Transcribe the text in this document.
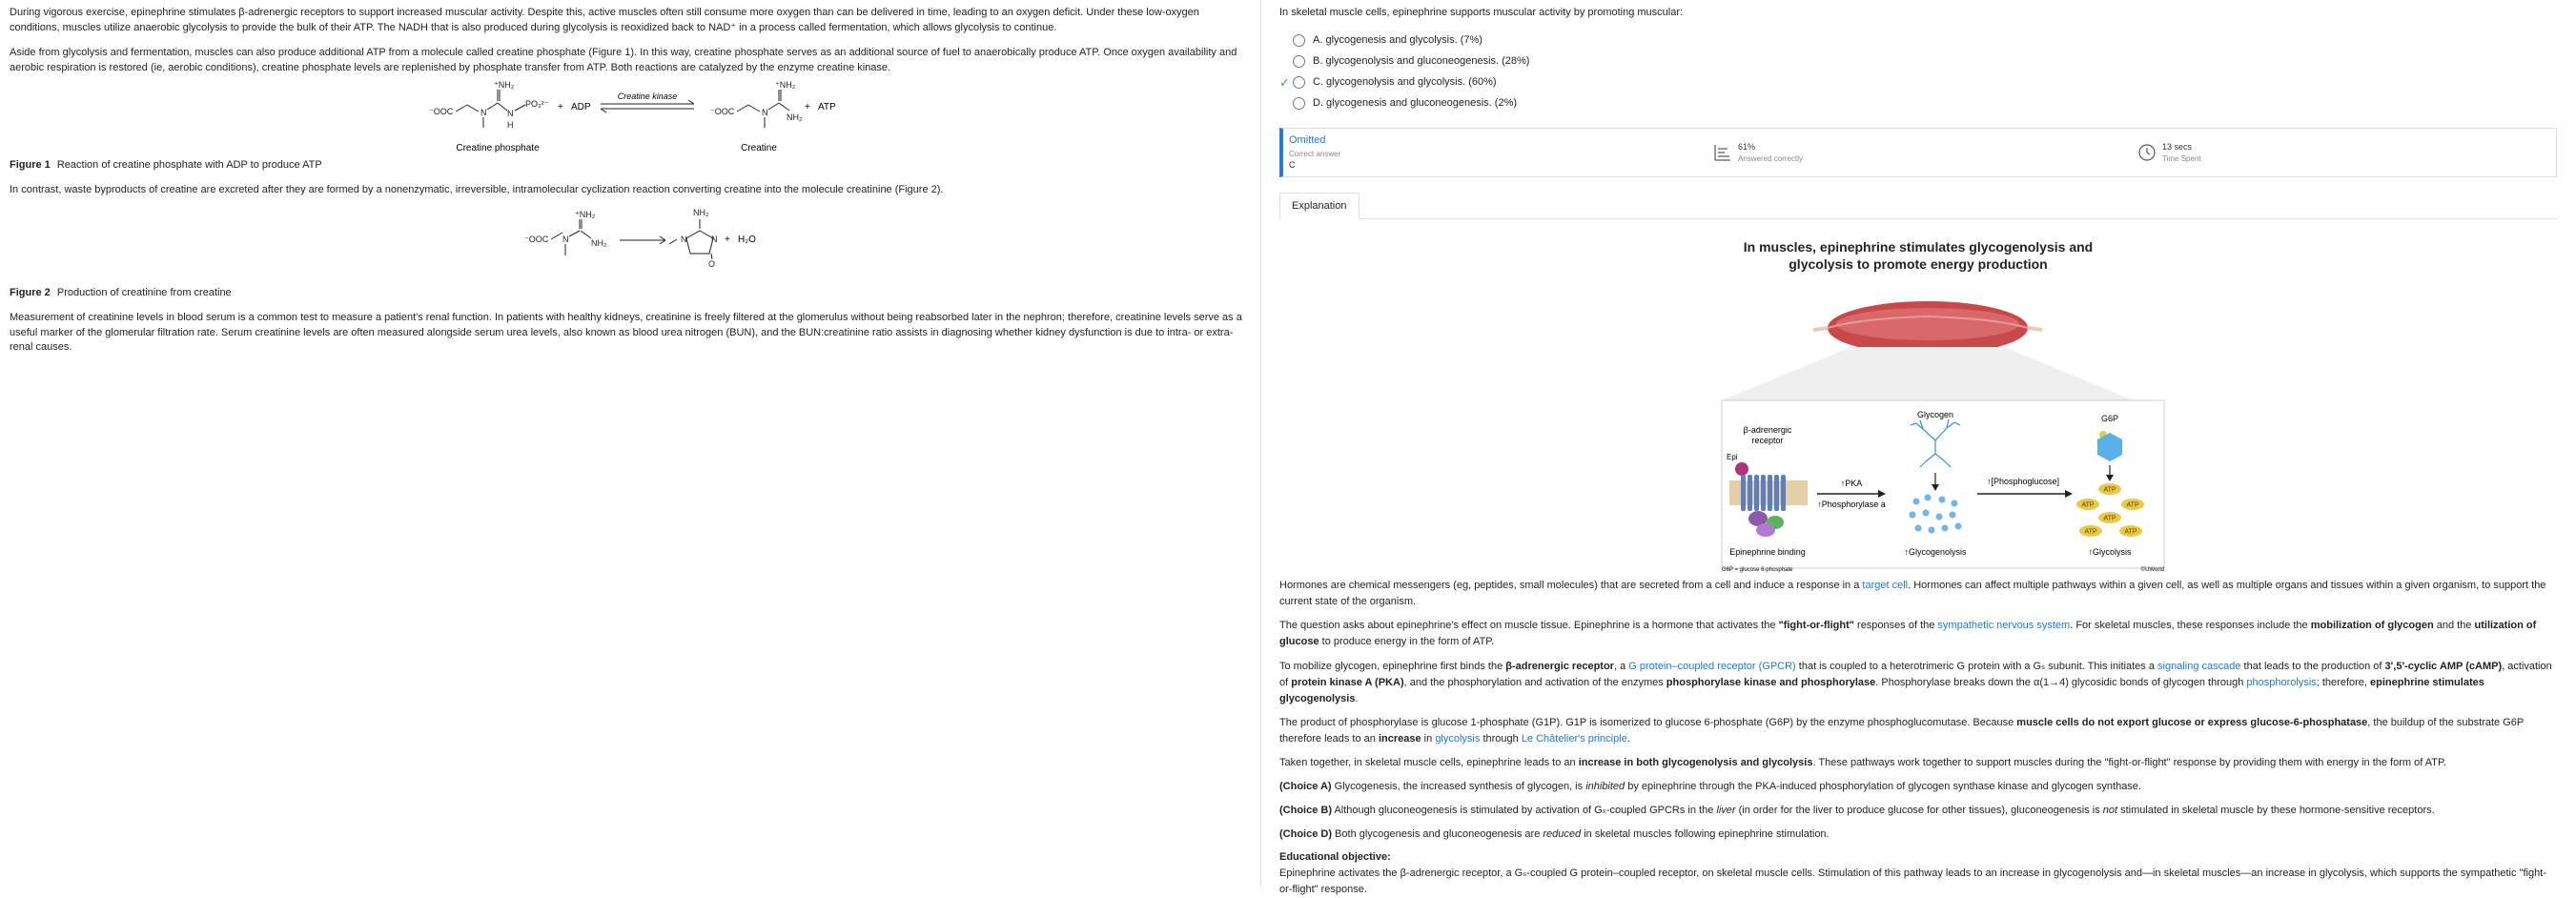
During vigorous exercise, epinephrine stimulates β-adrenergic receptors to support increased muscular activity. Despite this, active muscles often still consume more oxygen than can be delivered in time, leading to an oxygen deficit. Under these low-oxygen conditions, muscles utilize anaerobic glycolysis to provide the bulk of their ATP. The NADH that is also produced during glycolysis is reoxidized back to NAD⁺ in a process called fermentation, which allows glycolysis to continue.

Aside from glycolysis and fermentation, muscles can also produce additional ATP from a molecule called creatine phosphate (Figure 1). In this way, creatine phosphate serves as an additional source of fuel to anaerobically produce ATP. Once oxygen availability and aerobic respiration is restored (ie, aerobic conditions), creatine phosphate levels are replenished by phosphate transfer from ATP. Both reactions are catalyzed by the enzyme creatine kinase.

⁻OOC	N
⁺NH₂
N
H
PO₃²⁻ + ADP
Creatine kinase
⁻OOC	N
⁺NH₂
NH₂
+ ATP
Creatine phosphate	Creatine
Figure 1 Reaction of creatine phosphate with ADP to produce ATP

In contrast, waste byproducts of creatine are excreted after they are formed by a nonenzymatic, irreversible, intramolecular cyclization reaction converting creatine into the molecule creatinine (Figure 2).

⁻OOC N
⁺NH₂
NH₂
NH₂
N	N
O
+ H₂O
Figure 2 Production of creatinine from creatine

Measurement of creatinine levels in blood serum is a common test to measure a patient's renal function. In patients with healthy kidneys, creatinine is freely filtered at the glomerulus without being reabsorbed later in the nephron; therefore, creatinine levels serve as a useful marker of the glomerular filtration rate. Serum creatinine levels are often measured alongside serum urea levels, also known as blood urea nitrogen (BUN), and the BUN:creatinine ratio assists in diagnosing whether kidney dysfunction is due to intra- or extra-renal causes.

In skeletal muscle cells, epinephrine supports muscular activity by promoting muscular:
A. glycogenesis and glycolysis. (7%)
B. glycogenolysis and gluconeogenesis. (28%)
✓ C. glycogenolysis and glycolysis. (60%)
D. glycogenesis and gluconeogenesis. (2%)
Omitted
Correct answer
C
61%
Answered correctly
13 secs
Time Spent
Explanation
In muscles, epinephrine stimulates glycogenolysis and
glycolysis to promote energy production
β-adrenergic
receptor
Epi
↑PKA
↑Phosphorylase a
Glycogen
↑[Phosphoglucose]
G6P
ATP
ATP	ATP
ATP
ATP	ATP
Epinephrine binding	↑Glycogenolysis	↑Glycolysis
G6P = glucose 6-phosphate	©UWorld

Hormones are chemical messengers (eg, peptides, small molecules) that are secreted from a cell and induce a response in a target cell. Hormones can affect multiple pathways within a given cell, as well as multiple organs and tissues within a given organism, to support the current state of the organism.

The question asks about epinephrine's effect on muscle tissue. Epinephrine is a hormone that activates the "fight-or-flight" responses of the sympathetic nervous system. For skeletal muscles, these responses include the mobilization of glycogen and the utilization of glucose to produce energy in the form of ATP.

To mobilize glycogen, epinephrine first binds the β-adrenergic receptor, a G protein–coupled receptor (GPCR) that is coupled to a heterotrimeric G protein with a Gₛ subunit. This initiates a signaling cascade that leads to the production of 3',5'-cyclic AMP (cAMP), activation of protein kinase A (PKA), and the phosphorylation and activation of the enzymes phosphorylase kinase and phosphorylase. Phosphorylase breaks down the α(1→4) glycosidic bonds of glycogen through phosphorolysis; therefore, epinephrine stimulates glycogenolysis.

The product of phosphorylase is glucose 1-phosphate (G1P). G1P is isomerized to glucose 6-phosphate (G6P) by the enzyme phosphoglucomutase. Because muscle cells do not export glucose or express glucose-6-phosphatase, the buildup of the substrate G6P therefore leads to an increase in glycolysis through Le Châtelier's principle.

Taken together, in skeletal muscle cells, epinephrine leads to an increase in both glycogenolysis and glycolysis. These pathways work together to support muscles during the "fight-or-flight" response by providing them with energy in the form of ATP.

(Choice A) Glycogenesis, the increased synthesis of glycogen, is inhibited by epinephrine through the PKA-induced phosphorylation of glycogen synthase kinase and glycogen synthase.

(Choice B) Although gluconeogenesis is stimulated by activation of Gₛ-coupled GPCRs in the liver (in order for the liver to produce glucose for other tissues), gluconeogenesis is not stimulated in skeletal muscle by these hormone-sensitive receptors.

(Choice D) Both glycogenesis and gluconeogenesis are reduced in skeletal muscles following epinephrine stimulation.

Educational objective:

Epinephrine activates the β-adrenergic receptor, a Gₛ-coupled G protein–coupled receptor, on skeletal muscle cells. Stimulation of this pathway leads to an increase in glycogenolysis and—in skeletal muscles—an increase in glycolysis, which supports the sympathetic "fight-or-flight" response.
